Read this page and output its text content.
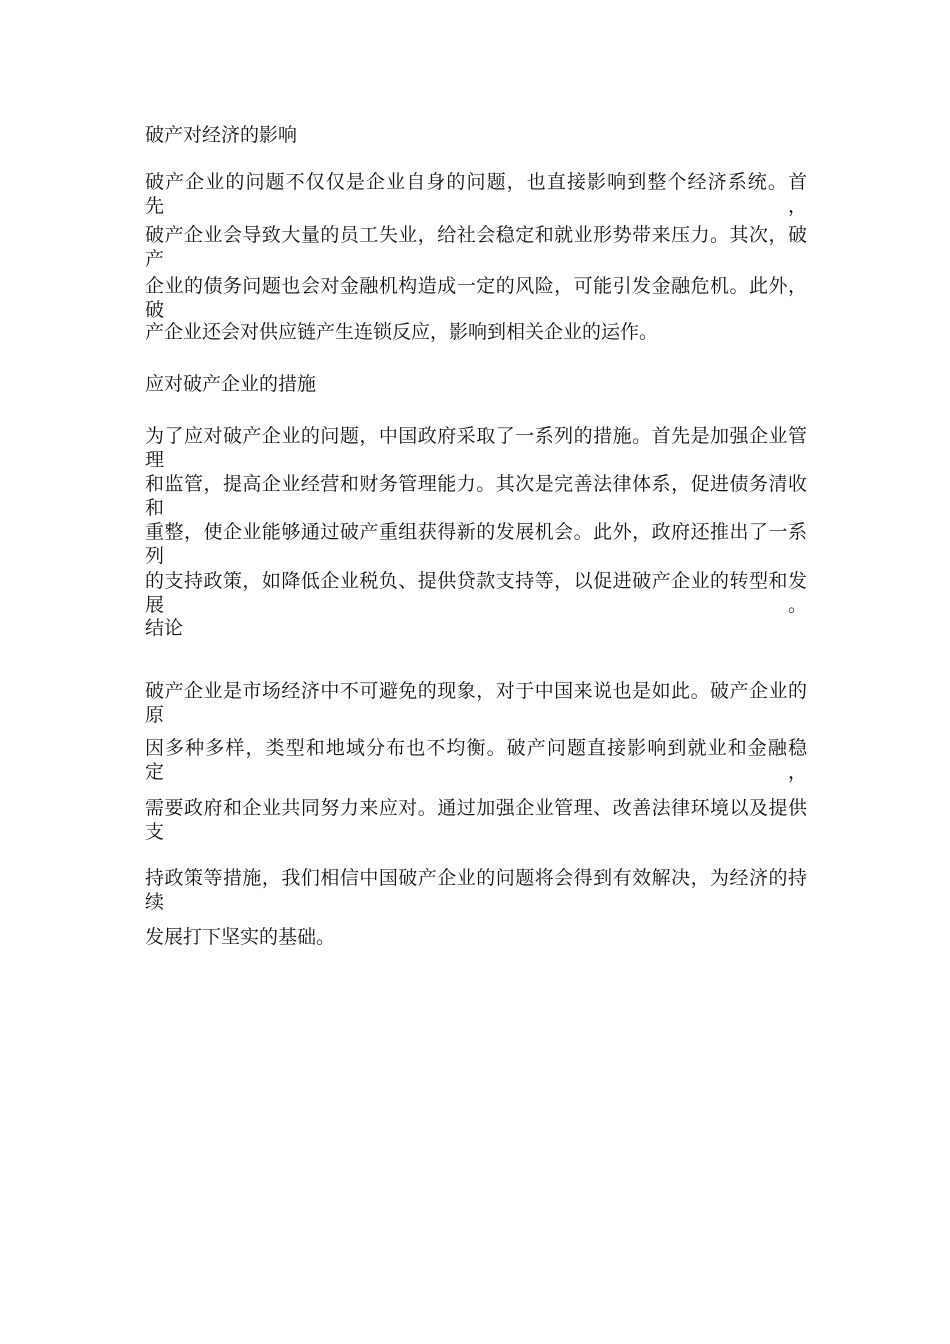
破产对经济的影响
破产企业的问题不仅仅是企业自身的问题，也直接影响到整个经济系统。首先，
破产企业会导致大量的员工失业，给社会稳定和就业形势带来压力。其次，破产
企业的债务问题也会对金融机构造成一定的风险，可能引发金融危机。此外，破
产企业还会对供应链产生连锁反应，影响到相关企业的运作。
应对破产企业的措施
为了应对破产企业的问题，中国政府采取了一系列的措施。首先是加强企业管理
和监管，提高企业经营和财务管理能力。其次是完善法律体系，促进债务清收和
重整，使企业能够通过破产重组获得新的发展机会。此外，政府还推出了一系列
的支持政策，如降低企业税负、提供贷款支持等，以促进破产企业的转型和发展。
结论
破产企业是市场经济中不可避免的现象，对于中国来说也是如此。破产企业的原
因多种多样，类型和地域分布也不均衡。破产问题直接影响到就业和金融稳定，
需要政府和企业共同努力来应对。通过加强企业管理、改善法律环境以及提供支
持政策等措施，我们相信中国破产企业的问题将会得到有效解决，为经济的持续
发展打下坚实的基础。
